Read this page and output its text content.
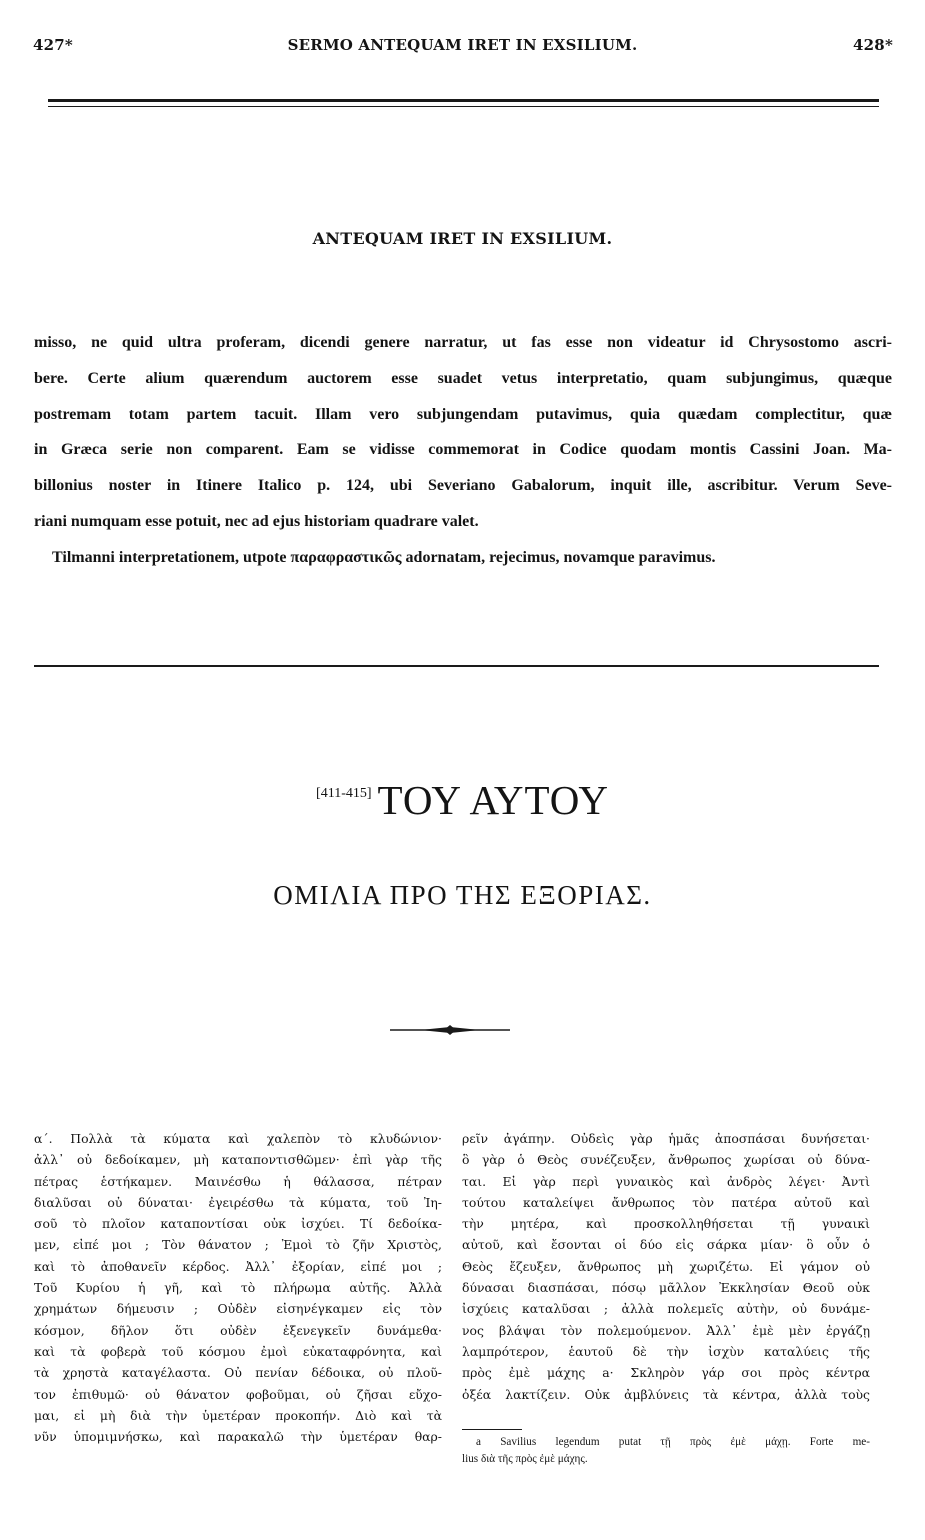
427*	SERMO ANTEQUAM IRET IN EXSILIUM.	428*
ANTEQUAM IRET IN EXSILIUM.
misso, ne quid ultra proferam, dicendi genere narratur, ut fas esse non videatur id Chrysostomo ascri-
bere. Certe alium quærendum auctorem esse suadet vetus interpretatio, quam subjungimus, quæque
postremam totam partem tacuit. Illam vero subjungendam putavimus, quia quædam complectitur, quæ
in Græca serie non comparent. Eam se vidisse commemorat in Codice quodam montis Cassini Joan. Ma-
billonius noster in Itinere Italico p. 124, ubi Severiano Gabalorum, inquit ille, ascribitur. Verum Seve-
riani numquam esse potuit, nec ad ejus historiam quadrare valet.
Tilmanni interpretationem, utpote παραφραστικῶς adornatam, rejecimus, novamque paravimus.
[411-415] ΤΟΥ ΑΥΤΟΥ
ΟΜΙΛΙΑ ΠΡΟ ΤΗΣ ΕΞΟΡΙΑΣ.
α΄. Πολλὰ τὰ κύματα καὶ χαλεπὸν τὸ κλυδώνιον·
ἀλλ᾽ οὐ δεδοίκαμεν, μὴ καταποντισθῶμεν· ἐπὶ γὰρ τῆς
πέτρας ἑστήκαμεν. Μαινέσθω ἡ θάλασσα, πέτραν
διαλῦσαι οὐ δύναται· ἐγειρέσθω τὰ κύματα, τοῦ Ἰη-
σοῦ τὸ πλοῖον καταποντίσαι οὐκ ἰσχύει. Τί δεδοίκα-
μεν, εἰπέ μοι ; Τὸν θάνατον ; Ἐμοὶ τὸ ζῆν Χριστὸς,
καὶ τὸ ἀποθανεῖν κέρδος. Ἀλλ᾽ ἐξορίαν, εἰπέ μοι ;
Τοῦ Κυρίου ἡ γῆ, καὶ τὸ πλήρωμα αὐτῆς. Ἀλλὰ
χρημάτων δήμευσιν ; Οὐδὲν εἰσηνέγκαμεν εἰς τὸν
κόσμον, δῆλον ὅτι οὐδὲν ἐξενεγκεῖν δυνάμεθα·
καὶ τὰ φοβερὰ τοῦ κόσμου ἐμοὶ εὐκαταφρόνητα, καὶ
τὰ χρηστὰ καταγέλαστα. Οὐ πενίαν δέδοικα, οὐ πλοῦ-
τον ἐπιθυμῶ· οὐ θάνατον φοβοῦμαι, οὐ ζῆσαι εὔχο-
μαι, εἰ μὴ διὰ τὴν ὑμετέραν προκοπήν. Διὸ καὶ τὰ
νῦν ὑπομιμνήσκω, καὶ παρακαλῶ τὴν ὑμετέραν θαρ-
ρεῖν ἀγάπην. Οὐδεὶς γὰρ ἡμᾶς ἀποσπάσαι δυνήσεται·
ὃ γὰρ ὁ Θεὸς συνέζευξεν, ἄνθρωπος χωρίσαι οὐ δύνα-
ται. Εἰ γὰρ περὶ γυναικὸς καὶ ἀνδρὸς λέγει· Ἀντὶ
τούτου καταλείψει ἄνθρωπος τὸν πατέρα αὐτοῦ καὶ
τὴν μητέρα, καὶ προσκολληθήσεται τῇ γυναικὶ
αὐτοῦ, καὶ ἔσονται οἱ δύο εἰς σάρκα μίαν· ὃ οὖν ὁ
Θεὸς ἔζευξεν, ἄνθρωπος μὴ χωριζέτω. Εἰ γάμον οὐ
δύνασαι διασπάσαι, πόσῳ μᾶλλον Ἐκκλησίαν Θεοῦ οὐκ
ἰσχύεις καταλῦσαι ; ἀλλὰ πολεμεῖς αὐτὴν, οὐ δυνάμε-
νος βλάψαι τὸν πολεμούμενον. Ἀλλ᾽ ἐμὲ μὲν ἐργάζῃ
λαμπρότερον, ἑαυτοῦ δὲ τὴν ἰσχὺν καταλύεις τῆς
πρὸς ἐμὲ μάχης a· Σκληρὸν γάρ σοι πρὸς κέντρα
ὀξέα λακτίζειν. Οὐκ ἀμβλύνεις τὰ κέντρα, ἀλλὰ τοὺς
a Savilius legendum putat τῇ πρὸς ἐμὲ μάχῃ. Forte me-
lius διὰ τῆς πρὸς ἐμὲ μάχης.
